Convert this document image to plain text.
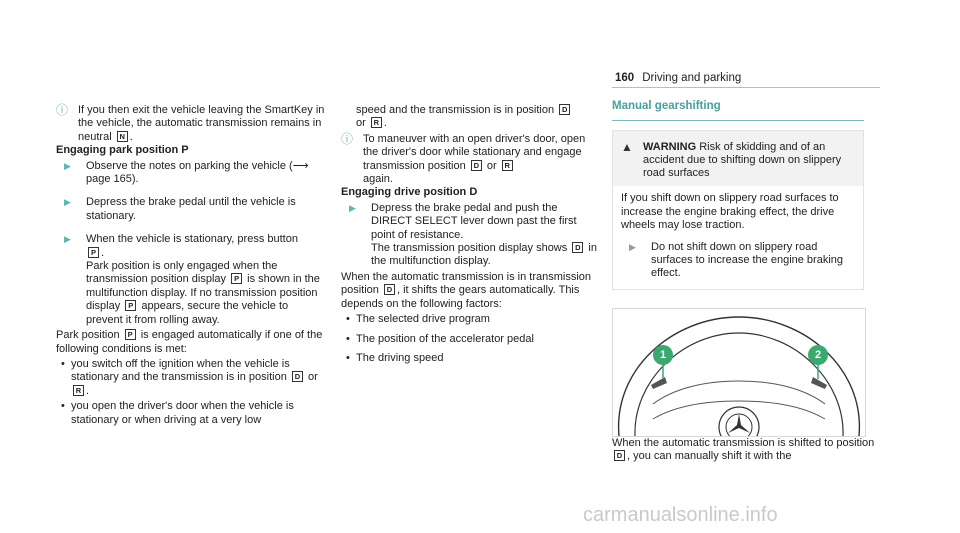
160 Driving and parking
ⓘ If you then exit the vehicle leaving the SmartKey in the vehicle, the automatic transmission remains in neutral N .

Engaging park position P

▶	Observe the notes on parking the vehicle (⟶ page 165).

▶	Depress the brake pedal until the vehicle is stationary.

▶	When the vehicle is stationary, press button
P .

Park position is only engaged when the transmission position display P is shown in the multifunction display. If no transmission position display P appears, secure the vehicle to prevent it from rolling away.

Park position P is engaged automatically if one of the following conditions is met:

• you switch off the ignition when the vehicle is stationary and the transmission is in position D or R .

• you open the driver's door when the vehicle is stationary or when driving at a very low

speed and the transmission is in position D
or R .

ⓘ To maneuver with an open driver's door, open the driver's door while stationary and engage transmission position D or R
again.

Engaging drive position D

▶	Depress the brake pedal and push the DIRECT SELECT lever down past the first point of resistance.

The transmission position display shows D in the multifunction display.

When the automatic transmission is in transmission position D , it shifts the gears automatically. This depends on the following factors:

• The selected drive program

• The position of the accelerator pedal

• The driving speed

Manual gearshifting

▲ WARNING Risk of skidding and of an accident due to shifting down on slippery road surfaces

If you shift down on slippery road surfaces to increase the engine braking effect, the drive wheels may lose traction.

▶	Do not shift down on slippery road surfaces to increase the engine braking effect.

1	2

When the automatic transmission is shifted to position D , you can manually shift it with the

carmanualsonline.info
